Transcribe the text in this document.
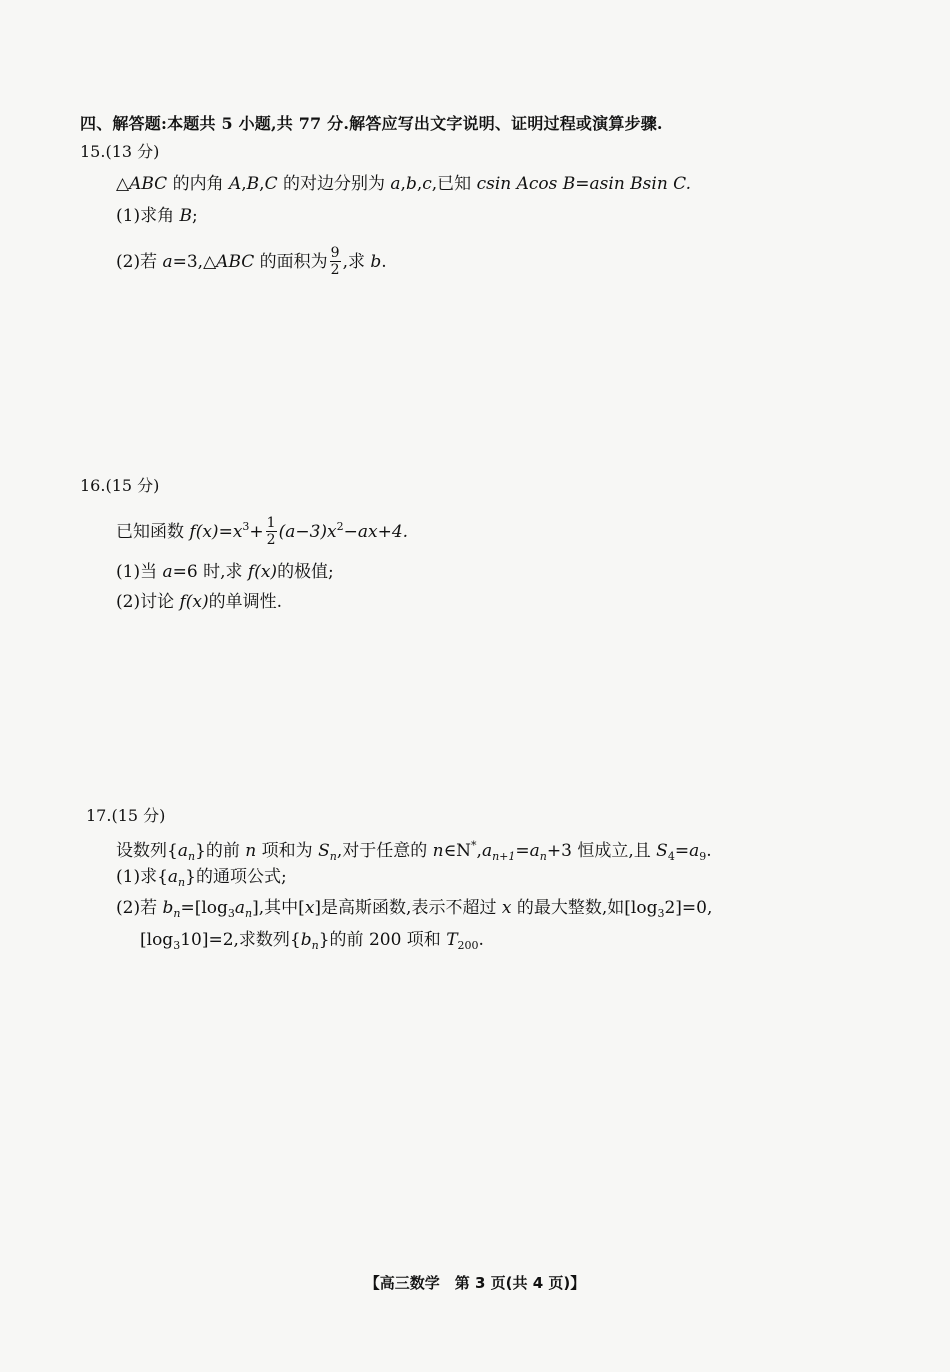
四、解答题:本题共 5 小题,共 77 分.解答应写出文字说明、证明过程或演算步骤.
15.(13 分)
△ABC 的内角 A,B,C 的对边分别为 a,b,c,已知 csin Acos B=asin Bsin C.
(1)求角 B;
(2)若 a=3,△ABC 的面积为 $\frac{9}{2}$ ,求 b.
16.(15 分)
已知函数 $f(x)=x^3+ \frac{1}{2} (a-3)x^2-ax+4$.
(1)当 a=6 时,求 f(x)的极值;
(2)讨论 f(x)的单调性.
17.(15 分)
设数列$\{a_n\}$的前 n 项和为 $S_n$,对于任意的 $n\in N^*,a_{n+1}=a_n+3$ 恒成立,且 $S_4=a_9$.
(1)求$\{a_n\}$的通项公式;
(2)若 $b_n=[\log_3a_n]$,其中[x]是高斯函数,表示不超过 x 的最大整数,如$[\log_32]=0$,
$[\log_310]=2$,求数列$\{b_n\}$的前 200 项和 $T_{200}$.
【高三数学　第 3 页(共 4 页)】
